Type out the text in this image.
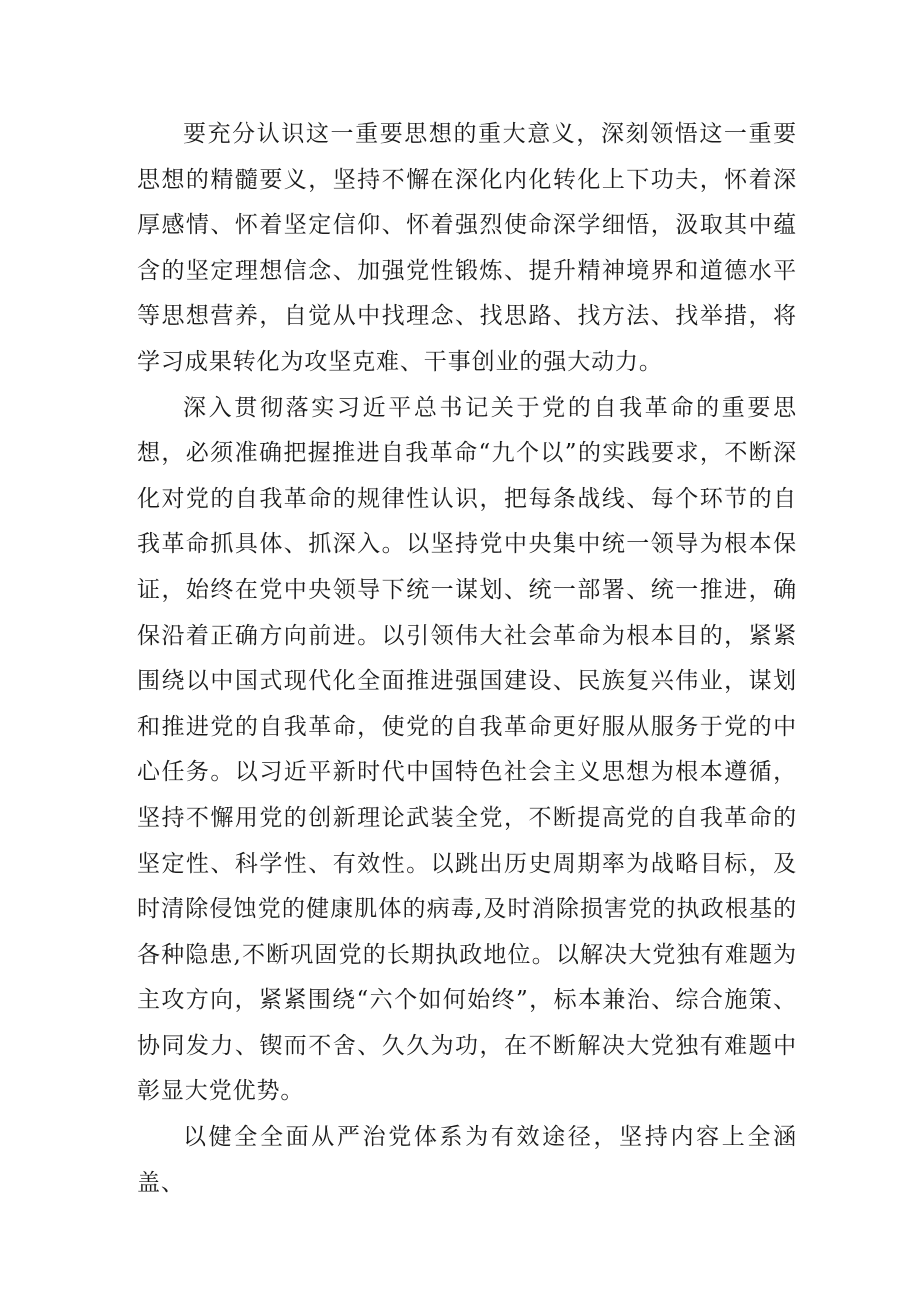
要充分认识这一重要思想的重大意义，深刻领悟这一重要思想的精髓要义，坚持不懈在深化内化转化上下功夫，怀着深厚感情、怀着坚定信仰、怀着强烈使命深学细悟，汲取其中蕴含的坚定理想信念、加强党性锻炼、提升精神境界和道德水平等思想营养，自觉从中找理念、找思路、找方法、找举措，将学习成果转化为攻坚克难、干事创业的强大动力。

深入贯彻落实习近平总书记关于党的自我革命的重要思想，必须准确把握推进自我革命“九个以”的实践要求，不断深化对党的自我革命的规律性认识，把每条战线、每个环节的自我革命抓具体、抓深入。以坚持党中央集中统一领导为根本保证，始终在党中央领导下统一谋划、统一部署、统一推进，确保沿着正确方向前进。以引领伟大社会革命为根本目的，紧紧围绕以中国式现代化全面推进强国建设、民族复兴伟业，谋划和推进党的自我革命，使党的自我革命更好服从服务于党的中心任务。以习近平新时代中国特色社会主义思想为根本遵循，坚持不懈用党的创新理论武装全党，不断提高党的自我革命的坚定性、科学性、有效性。以跳出历史周期率为战略目标，及时清除侵蚀党的健康肌体的病毒,及时消除损害党的执政根基的各种隐患,不断巩固党的长期执政地位。以解决大党独有难题为主攻方向，紧紧围绕“六个如何始终”，标本兼治、综合施策、协同发力、锲而不舍、久久为功，在不断解决大党独有难题中彰显大党优势。

以健全全面从严治党体系为有效途径，坚持内容上全涵盖、
